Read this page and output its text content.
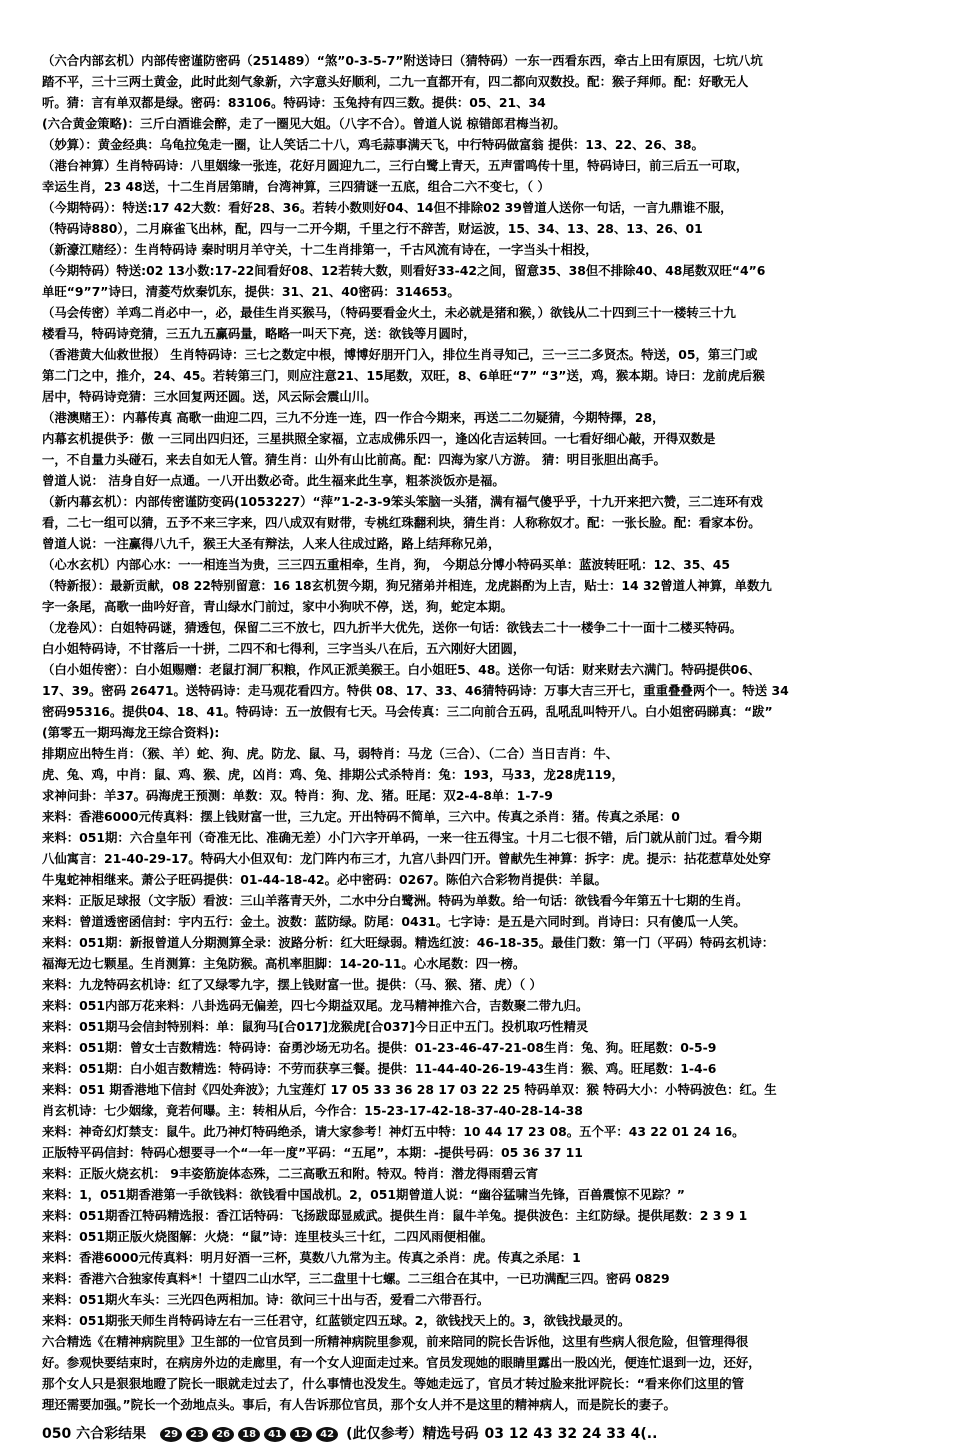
（六合内部玄机）内部传密谨防密码（251489）“煞”0-3-5-7”附送诗曰（猜特码）一东一西看东西，牵古上田有原因，七坑八坑
踏不平，三十三两土黄金，此时此刻气象新，六字意头好顺利，二九一直都开有，四二都向双数投。配：猴子拜师。配：好歌无人
听。猜：言有单双都是绿。密码：83106。特码诗：玉兔持有四三数。提供：05、21、34
(六合黄金策略)：三斤白酒谁会醉，走了一圈见大姐。（八字不合）。曾道人说 椋错郎君梅当初。
（妙算）：黄金经典：乌龟拉兔走一圈，让人笑话二十八，鸡毛蒜事满天飞，中行特码做富翁 提供：13、22、26、38。
（港台神算）生肖特码诗：八里姻缘一张连，花好月圆迎九二，三行白鹭上青天，五声雷鸣传十里，特码诗曰，前三后五一可取，
幸运生肖，23 48送，十二生肖居第睛，台湾神算，三四猜谜一五底，组合二六不变七，（ ）
（今期特码）：特送:17 42大数：看好28、36。若转小数则好04、14但不排除02 39曾道人送你一句话，一言九鼎谁不服，
（特码诗880），二月麻雀飞出林，配，四与一二开今期，千里之行不辞苦，财运波，15、34、13、28、13、26、01
（新濠江赌经）：生肖特码诗 秦时明月羊守关，十二生肖排第一，千古风流有诗在，一字当头十相投，
（今期特码）特送:02 13小数:17-22间看好08、12若转大数，则看好33-42之间，留意35、38但不排除40、48尾数双旺“4”6
单旺“9”7”诗曰，清菱芍炊秦饥东，提供：31、21、40密码：314653。
（马会传密）羊鸡二肖必中一，必，最佳生肖买猴马，（特码要看金火土，未必就是猪和猴，）欲钱从二十四到三十一楼转三十九
楼看马，特码诗竞猜，三五九五赢码量，略略一叫天下亮，送：欲钱等月圆时，
（香港黄大仙救世报） 生肖特码诗：三七之数定中根，博博好朋开门入，排位生肖寻知己，三一三二多贤杰。特送，05，第三门或
第二门之中，推介，24、45。若转第三门，则应注意21、15尾数，双旺，8、6单旺“7” “3”送，鸡，猴本期。诗曰：龙前虎后猴
居中，特码诗竞猜：三水回复两还圆。送，风云际会震山川。
（港澳赌王）：内幕传真 高歌一曲迎二四，三九不分连一连，四一作合今期来，再送二二勿疑猜，今期特擇，28，
内幕玄机提供予：傲 一三同出四归还，三星拱照全家福，立志成佛乐四一，逢凶化吉运转回。一七看好细心敲，开得双数是
一，不自量力头碰石，来去自如无人管。猜生肖：山外有山比前高。配：四海为家八方游。 猜：明目张胆出高手。
曾道人说： 洁身自好一点通。一八开出数必奇。此生福来此生享，粗茶淡饭亦是福。
（新内幕玄机）：内部传密谨防变码(1053227）“萍”1-2-3-9笨头笨脑一头猪，满有福气傻乎乎，十九开来把六赞，三二连环有戏
看，二七一组可以猜，五予不来三字来，四八成双有财带，专桃红珠翻利块，猜生肖：人称称奴才。配：一张长脸。配：看家本份。
曾道人说：一注赢得八九千，猴王大圣有辩法，人来人往成过路，路上结拜称兄弟，
（心水玄机）内部心水：一一相连当为贵，三三四五重相牵，生肖，狗， 今期总分博小特码买单：蓝波转旺吼：12、35、45
（特新报）：最新贡献，08 22特别留意：16 18玄机贺今期，狗兄猪弟并相连，龙虎斟酌为上吉，贴士：14 32曾道人神算，单数九
字一条尾，高歌一曲吟好音，青山绿水门前过，家中小狗吠不停，送，狗，蛇定本期。
（龙卷风）：白姐特码谜，猜透包，保留二三不放七，四九折半大优先，送你一句话：欲钱去二十一楼争二十一面十二楼买特码。
白小姐特码诗，不甘落后一十拼，二四不和七得利，三字当头八在后，五六刚好大团圆，
（白小姐传密）：白小姐赐赠：老鼠打洞厂积粮，作风正派美猴王。白小姐旺5、48。送你一句话：财来财去六满门。特码提供06、
17、39。密码 26471。送特码诗：走马观花看四方。特供 08、17、33、46猜特码诗：万事大吉三开七，重重叠叠两个一。特送 34
密码95316。提供04、18、41。特码诗：五一放假有七天。马会传真：三二向前合五码，乱吼乱叫特开八。白小姐密码睇真：“跋”
(第零五一期玛海龙王综合资料):
排期应出特生肖：（猴、羊）蛇、狗、虎。防龙、鼠、马，弱特肖：马龙（三合）、（二合）当日吉肖：牛、
虎、兔、鸡，中肖：鼠、鸡、猴、虎，凶肖：鸡、兔、排期公式杀特肖：兔：193，马33，龙28虎119，
求神问卦：羊37。码海虎王预测：单数：双。特肖：狗、龙、猪。旺尾：双2-4-8单：1-7-9
来料：香港6000元传真料：摆上钱财富一世，三九定。开出特码不简单，三六中。传真之杀肖：猪。传真之杀尾：0
来料：051期：六合皇年刊（奇准无比、准确无差）小门六字开单码，一来一往五得宝。十月二七很不错，后门就从前门过。看今期
八仙寓言：21-40-29-17。特码大小但双旬：龙门阵内布三才，九宫八卦四门开。曾献先生神算：拆字：虎。提示：拈花惹草处处穿
牛鬼蛇神相继来。萧公子旺码提供：01-44-18-42。必中密码：0267。陈伯六合彩物肖提供：羊鼠。
来料：正版足球报（文字版）看波：三山羊落青天外，二水中分白鹭洲。特码为单数。给一句话：欲钱看今年第五十七期的生肖。
来料：曾道透密函信封：宇内五行：金土。波数：蓝防绿。防尾：0431。七字诗：是五是六同时到。肖诗曰：只有傻瓜一人笑。
来料：051期：新报曾道人分期测算全录：波路分析：红大旺绿弱。精选红波：46-18-35。最佳门数：第一门（平码）特码玄机诗：
福海无边七颗星。生肖测算：主兔防猴。高机率胆脚：14-20-11。心水尾数：四一榜。
来料：九龙特码玄机诗：红了又绿零九字，摆上钱财富一世。提供：（马、猴、猪、虎）（ ）
来料：051内部万花来料：八卦选码无偏差，四七今期益双尾。龙马精神推六合，吉数聚二带九归。
来料：051期马会信封特别料：单：鼠狗马[合017]龙猴虎[合037]今日正中五门。投机取巧性精灵
来料：051期：曾女士吉数精选：特码诗：奋勇沙场无功名。提供：01-23-46-47-21-08生肖：兔、狗。旺尾数：0-5-9
来料：051期：白小姐吉数精选：特码诗：不劳而获享三餐。提供：11-44-40-26-19-43生肖：猴、鸡。旺尾数：1-4-6
来料：051 期香港地下信封《四处奔波》；九宝莲灯 17 05 33 36 28 17 03 22 25 特码单双：猴 特码大小：小特码波色：红。生
肖玄机诗：七少姻缘，竟若何曝。主：转相从后，今作合：15-23-17-42-18-37-40-28-14-38
来料：神奇幻灯禁支：鼠牛。此乃神灯特码绝杀，请大家参考！神灯五中特：10 44 17 23 08。五个平：43 22 01 24 16。
正版特平码信封：特码心想要寻一个“一年一度”平码：“五尾”，本期：-提供号码：05 36 37 11
来料：正版火烧玄机： 9丰姿筋旋体态殊，二三高歌五和附。特双。特肖：潜龙得雨碧云宵
来料：1，051期香港第一手欲钱料：欲钱看中国战机。2，051期曾道人说：“幽谷猛啸当先锋，百兽震惊不见踪？”
来料：051期香江特码精选报：香江话特码：飞扬跋邸显威武。提供生肖：鼠牛羊兔。提供波色：主红防绿。提供尾数：2 3 9 1
来料：051期正版火烧图解：火烧：“鼠”诗：连里枝头三十红，二四风雨便相催。
来料：香港6000元传真料：明月好酒一三杯，莫数八九常为主。传真之杀肖：虎。传真之杀尾：1
来料：香港六合独家传真料*！十望四二山水罕，三二盘里十七螺。二三组合在其中，一已功满配三四。密码 0829
来料：051期火车头：三光四色两相加。诗：欲问三十出与否，爱看二六带吾行。
来料：051期张天师生肖特码诗左右一三任君守，红蓝锁定四五球。2，欲钱找天上的。3，欲钱找最灵的。
六合精选《在精神病院里》卫生部的一位官员到一所精神病院里参观，前来陪同的院长告诉他，这里有些病人很危险，但管理得很
好。参观快要结束时，在病房外边的走廊里，有一个女人迎面走过来。官员发现她的眼睛里露出一股凶光，便连忙退到一边，还好，
那个女人只是狠狠地瞪了院长一眼就走过去了，什么事情也没发生。等她走远了，官员才转过脸来批评院长：“看来你们这里的管
理还需要加强。”院长一个劲地点头。事后，有人告诉那位官员，那个女人并不是这里的精神病人，而是院长的妻子。
050 六合彩结果	29	23	26	18	41	12	42 (此仅参考）精选号码 03 12 43 32 24 33 4(..
